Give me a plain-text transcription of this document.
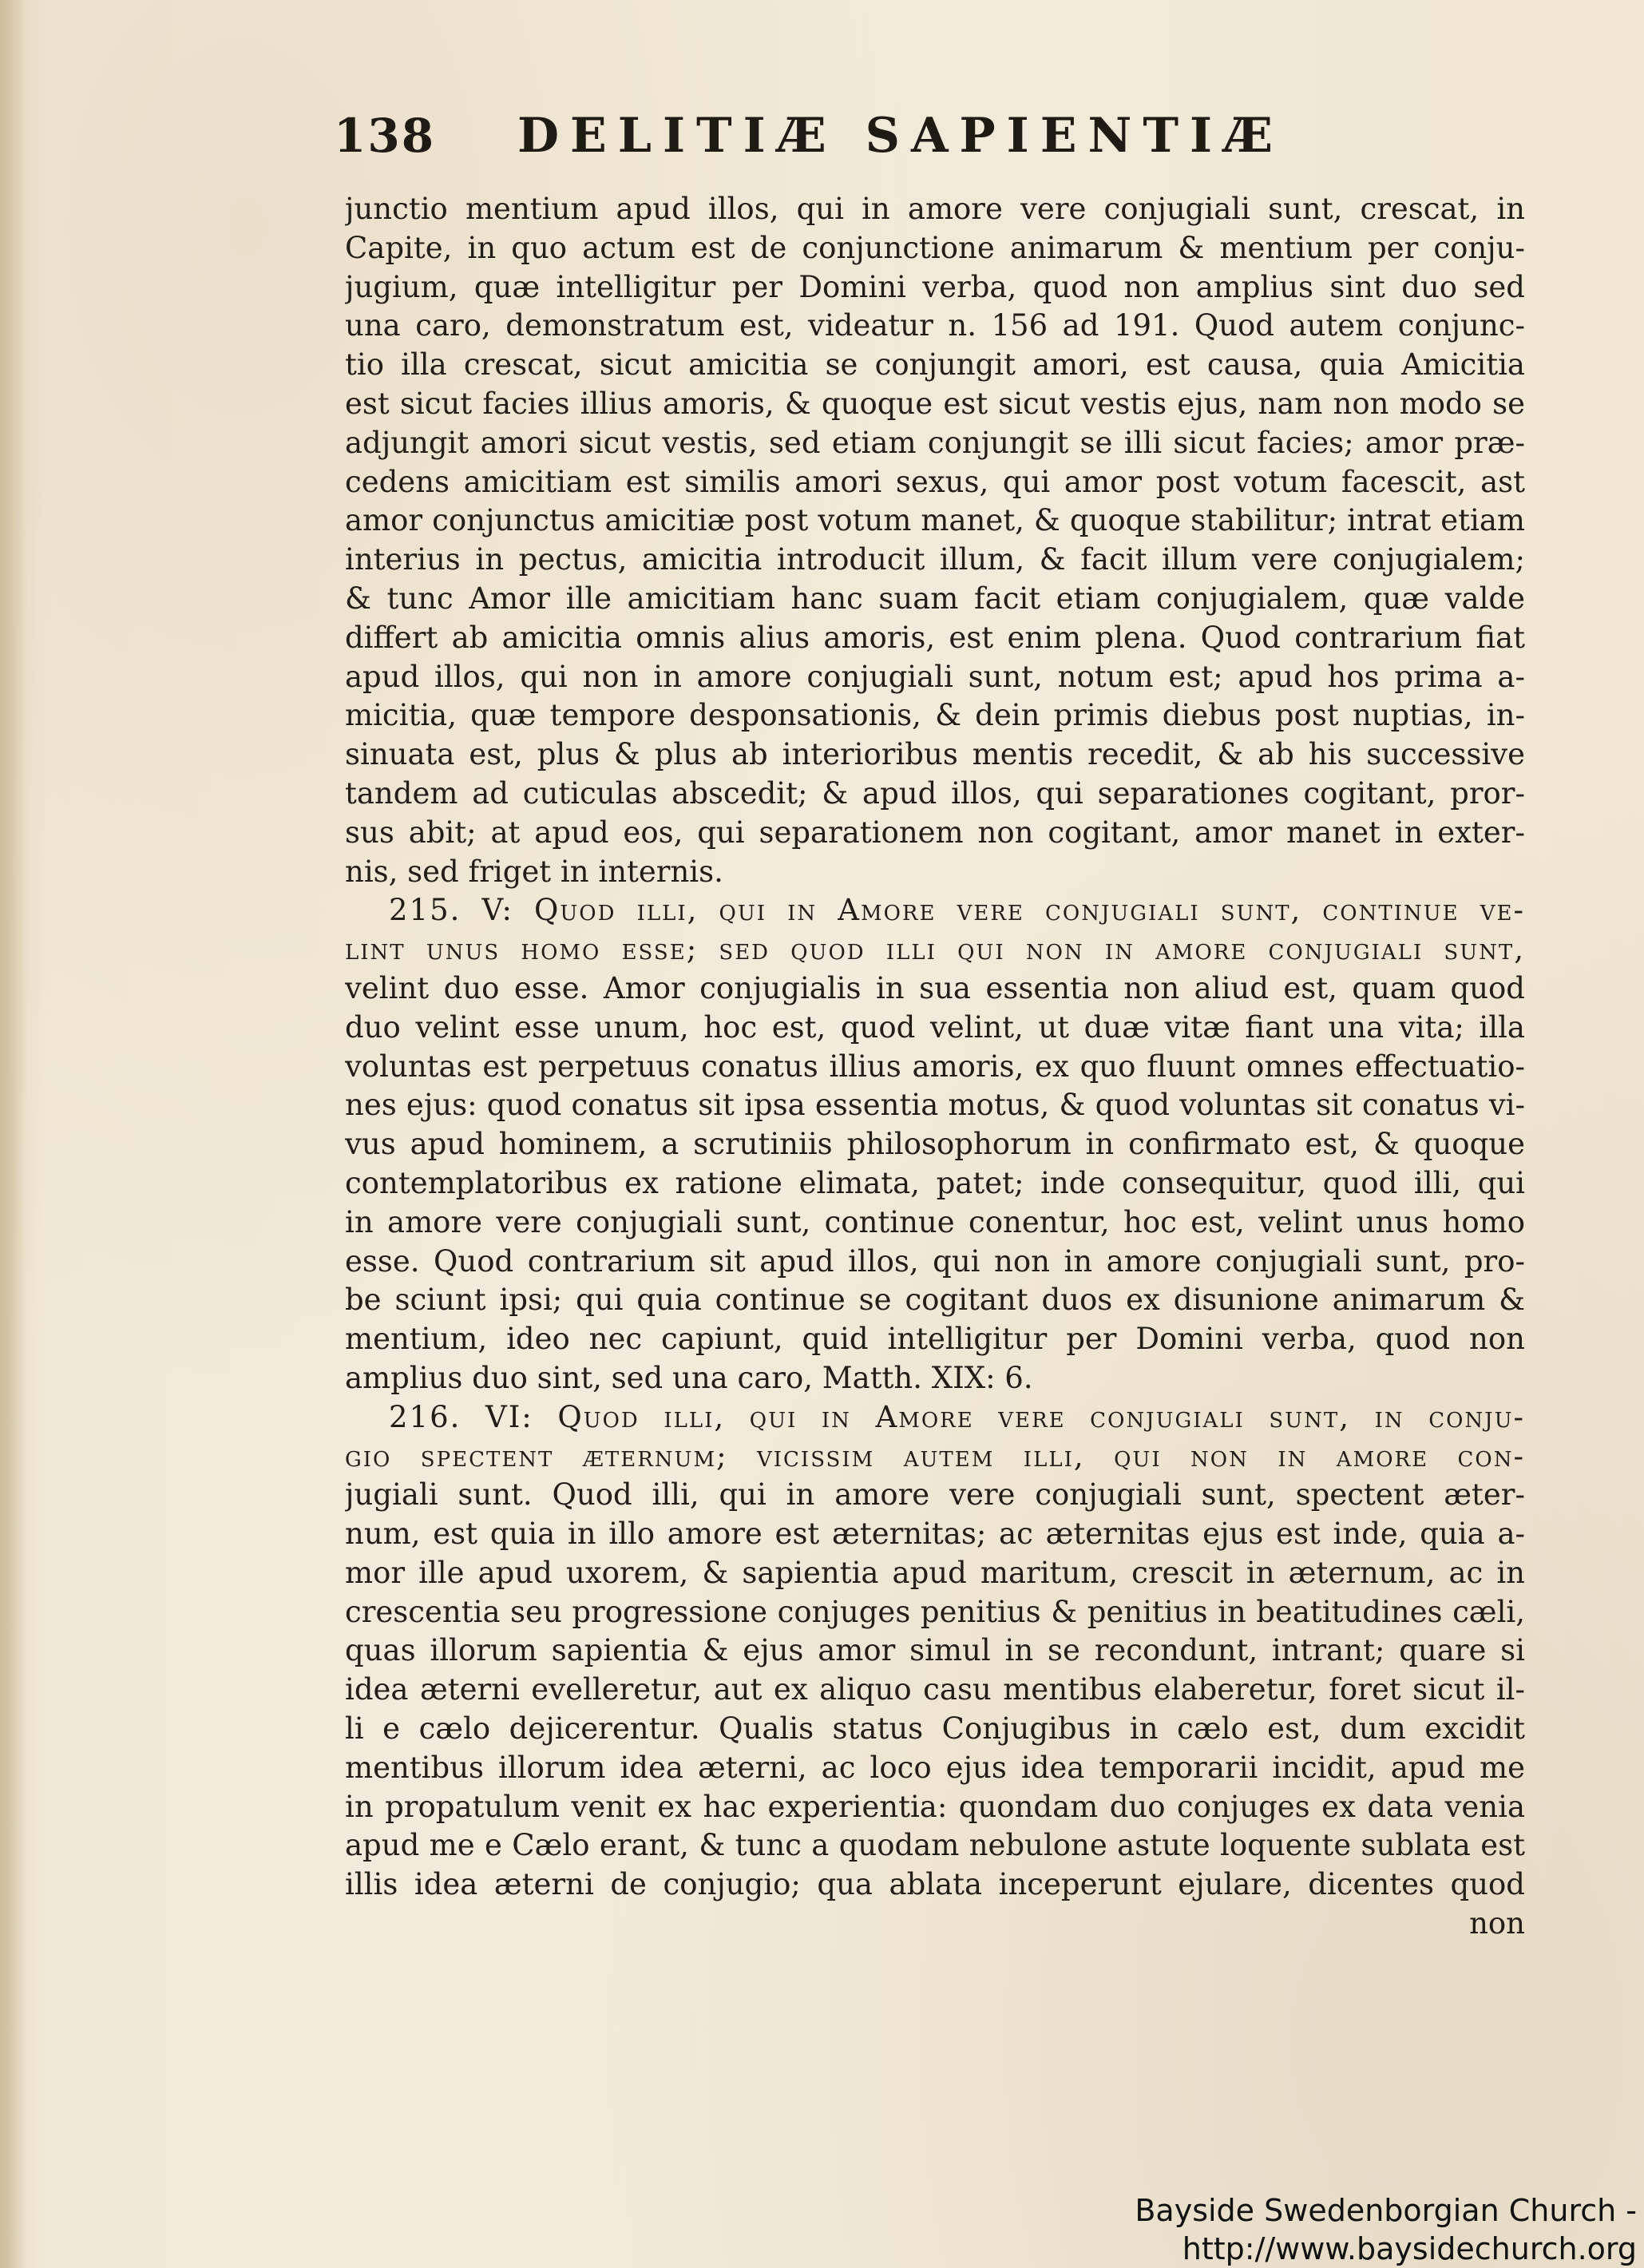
138 DELITIÆ SAPIENTIÆ
junctio mentium apud illos, qui in amore vere conjugiali sunt, crescat, in
Capite, in quo actum est de conjunctione animarum & mentium per conju-
jugium, quæ intelligitur per Domini verba, quod non amplius sint duo sed
una caro, demonstratum est, videatur n. 156 ad 191. Quod autem conjunc-
tio illa crescat, sicut amicitia se conjungit amori, est causa, quia Amicitia
est sicut facies illius amoris, & quoque est sicut vestis ejus, nam non modo se
adjungit amori sicut vestis, sed etiam conjungit se illi sicut facies; amor præ-
cedens amicitiam est similis amori sexus, qui amor post votum facescit, ast
amor conjunctus amicitiæ post votum manet, & quoque stabilitur; intrat etiam
interius in pectus, amicitia introducit illum, & facit illum vere conjugialem;
& tunc Amor ille amicitiam hanc suam facit etiam conjugialem, quæ valde
differt ab amicitia omnis alius amoris, est enim plena. Quod contrarium fiat
apud illos, qui non in amore conjugiali sunt, notum est; apud hos prima a-
micitia, quæ tempore desponsationis, & dein primis diebus post nuptias, in-
sinuata est, plus & plus ab interioribus mentis recedit, & ab his successive
tandem ad cuticulas abscedit; & apud illos, qui separationes cogitant, pror-
sus abit; at apud eos, qui separationem non cogitant, amor manet in exter-
nis, sed friget in internis.
215. V: Quod illi, qui in Amore vere conjugiali sunt, continue ve-
lint unus homo esse; sed quod illi qui non in amore conjugiali sunt,
velint duo esse. Amor conjugialis in sua essentia non aliud est, quam quod
duo velint esse unum, hoc est, quod velint, ut duæ vitæ fiant una vita; illa
voluntas est perpetuus conatus illius amoris, ex quo fluunt omnes effectuatio-
nes ejus: quod conatus sit ipsa essentia motus, & quod voluntas sit conatus vi-
vus apud hominem, a scrutiniis philosophorum in confirmato est, & quoque
contemplatoribus ex ratione elimata, patet; inde consequitur, quod illi, qui
in amore vere conjugiali sunt, continue conentur, hoc est, velint unus homo
esse. Quod contrarium sit apud illos, qui non in amore conjugiali sunt, pro-
be sciunt ipsi; qui quia continue se cogitant duos ex disunione animarum &
mentium, ideo nec capiunt, quid intelligitur per Domini verba, quod non
amplius duo sint, sed una caro, Matth. XIX: 6.
216. VI: Quod illi, qui in Amore vere conjugiali sunt, in conju-
gio spectent æternum; vicissim autem illi, qui non in amore con-
jugiali sunt. Quod illi, qui in amore vere conjugiali sunt, spectent æter-
num, est quia in illo amore est æternitas; ac æternitas ejus est inde, quia a-
mor ille apud uxorem, & sapientia apud maritum, crescit in æternum, ac in
crescentia seu progressione conjuges penitius & penitius in beatitudines cæli,
quas illorum sapientia & ejus amor simul in se recondunt, intrant; quare si
idea æterni evelleretur, aut ex aliquo casu mentibus elaberetur, foret sicut il-
li e cælo dejicerentur. Qualis status Conjugibus in cælo est, dum excidit
mentibus illorum idea æterni, ac loco ejus idea temporarii incidit, apud me
in propatulum venit ex hac experientia: quondam duo conjuges ex data venia
apud me e Cælo erant, & tunc a quodam nebulone astute loquente sublata est
illis idea æterni de conjugio; qua ablata inceperunt ejulare, dicentes quod
non
Bayside Swedenborgian Church - http://www.baysidechurch.org
